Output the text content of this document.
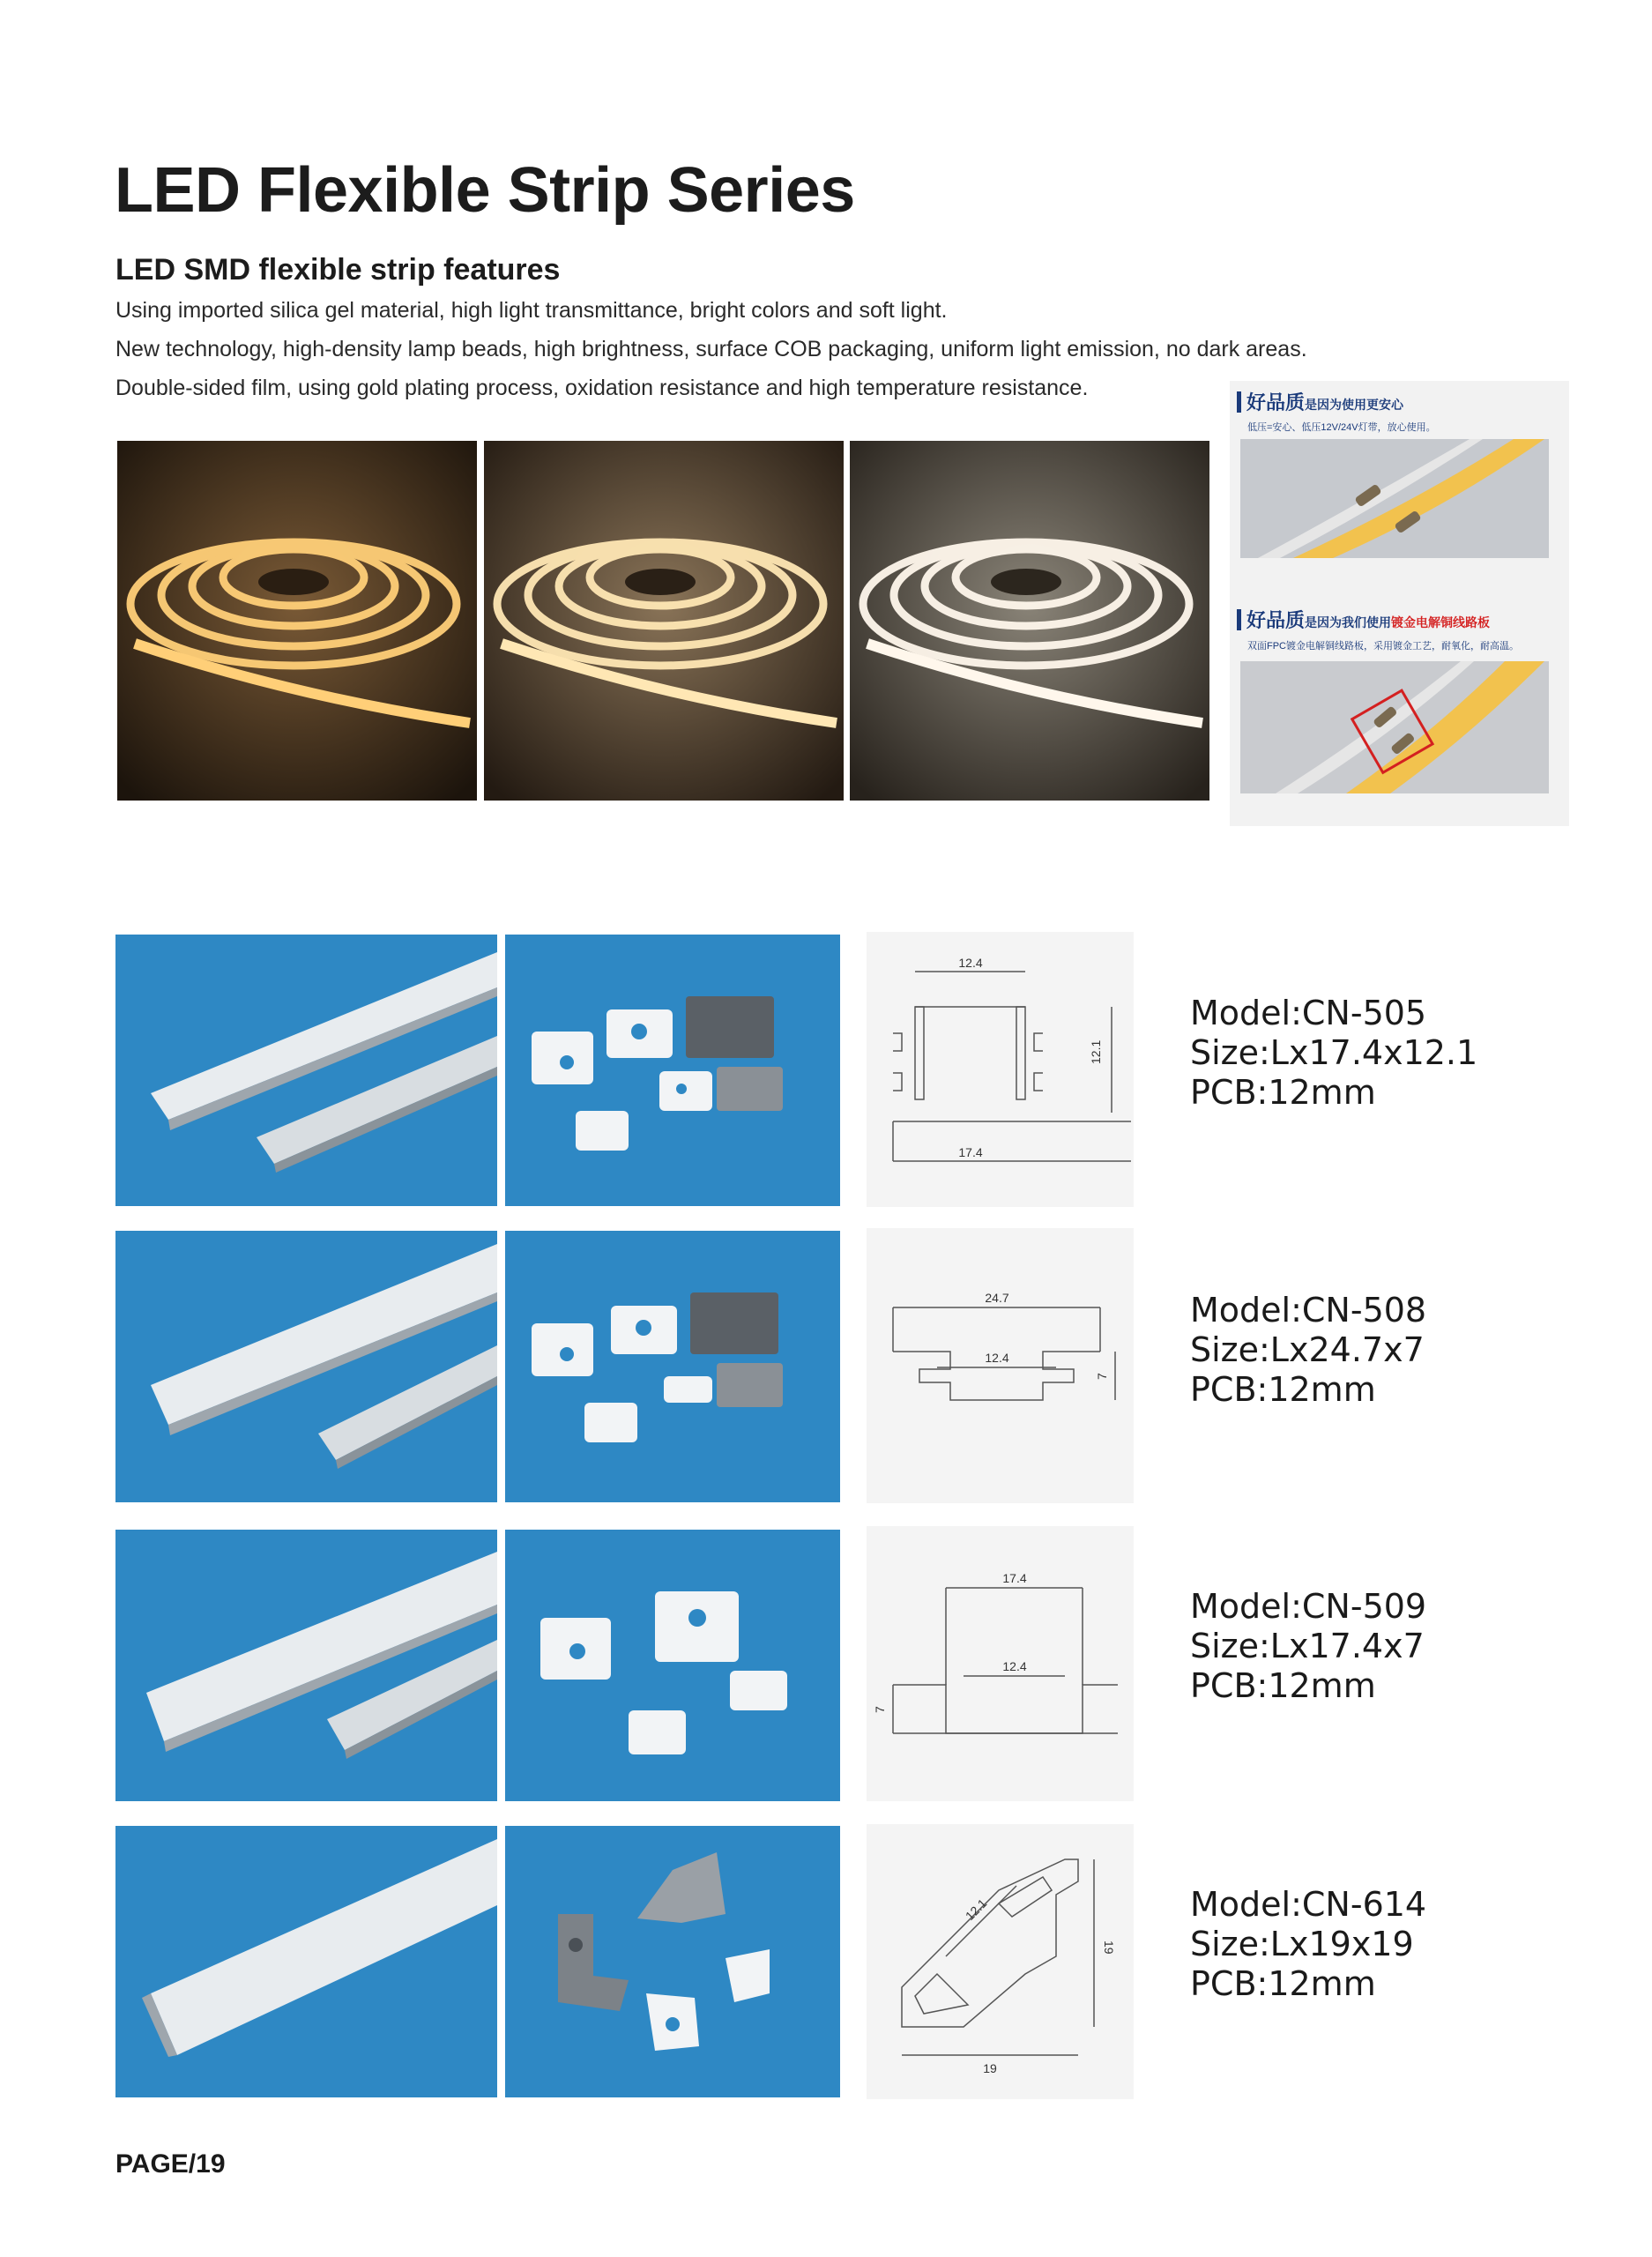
LED Flexible Strip Series
LED SMD flexible strip features
Using imported silica gel material, high light transmittance, bright colors and soft light.
New technology, high-density lamp beads, high brightness, surface COB packaging, uniform light emission, no dark areas.
Double-sided film, using gold plating process, oxidation resistance and high temperature resistance.
好品质是因为使用更安心
低压=安心、低压12V/24V灯带，放心使用。
好品质是因为我们使用镀金电解铜线路板
双面FPC镀金电解铜线路板，采用镀金工艺，耐氧化，耐高温。
12.4
12.1
17.4
Model:CN-505
Size:Lx17.4x12.1
PCB:12mm
24.7
12.4
7
Model:CN-508
Size:Lx24.7x7
PCB:12mm
17.4
12.4
7
Model:CN-509
Size:Lx17.4x7
PCB:12mm
12.1
19
19
Model:CN-614
Size:Lx19x19
PCB:12mm
PAGE/19
